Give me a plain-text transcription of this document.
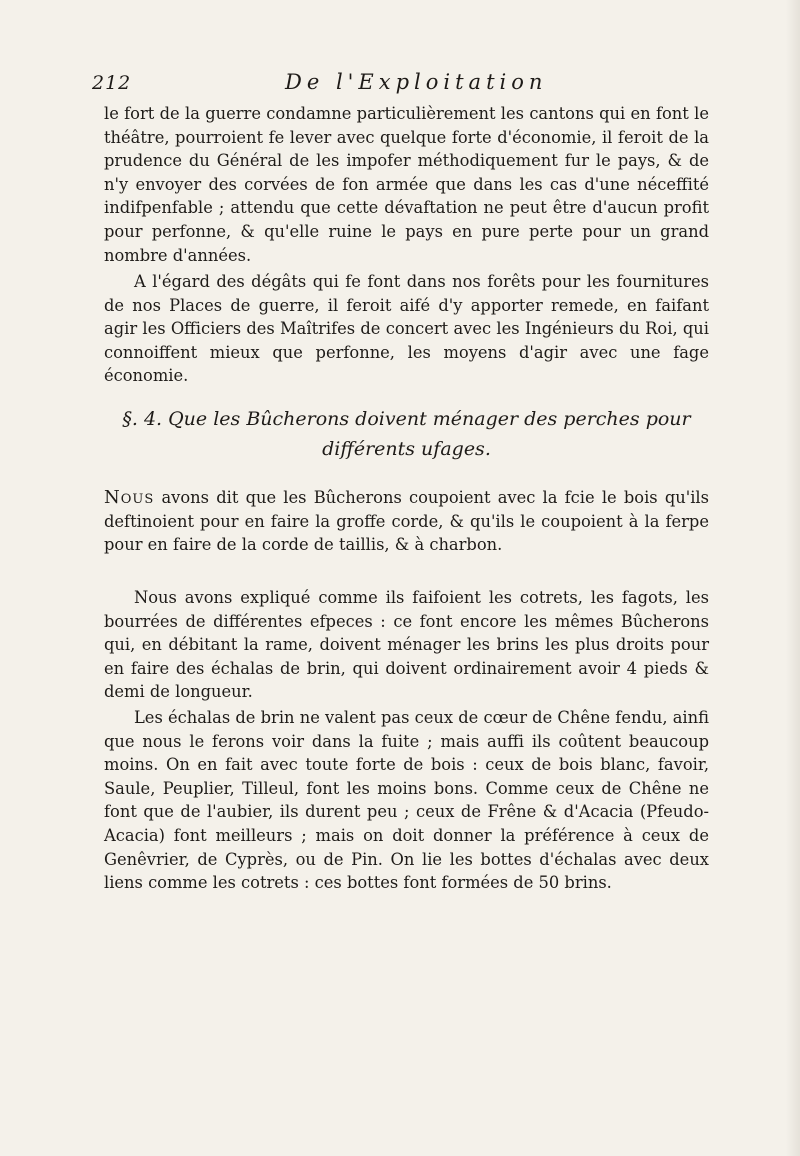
212	De l'Exploitation

le fort de la guerre condamne particulièrement les cantons qui en font le théâtre, pourroient fe lever avec quelque forte d'économie, il feroit de la prudence du Général de les impofer méthodiquement fur le pays, & de n'y envoyer des corvées de fon armée que dans les cas d'une néceffité indifpenfable ; attendu que cette dévaftation ne peut être d'aucun profit pour perfonne, & qu'elle ruine le pays en pure perte pour un grand nombre d'années.

A l'égard des dégâts qui fe font dans nos forêts pour les fournitures de nos Places de guerre, il feroit aifé d'y apporter remede, en faifant agir les Officiers des Maîtrifes de concert avec les Ingénieurs du Roi, qui connoiffent mieux que perfonne, les moyens d'agir avec une fage économie.

§. 4. Que les Bûcherons doivent ménager des perches pour différents ufages.

Nous avons dit que les Bûcherons coupoient avec la fcie le bois qu'ils deftinoient pour en faire la groffe corde, & qu'ils le coupoient à la ferpe pour en faire de la corde de taillis, & à charbon.

Nous avons expliqué comme ils faifoient les cotrets, les fagots, les bourrées de différentes efpeces : ce font encore les mêmes Bûcherons qui, en débitant la rame, doivent ménager les brins les plus droits pour en faire des échalas de brin, qui doivent ordinairement avoir 4 pieds & demi de longueur.

Les échalas de brin ne valent pas ceux de cœur de Chêne fendu, ainfi que nous le ferons voir dans la fuite ; mais auffi ils coûtent beaucoup moins. On en fait avec toute forte de bois : ceux de bois blanc, favoir, Saule, Peuplier, Tilleul, font les moins bons. Comme ceux de Chêne ne font que de l'aubier, ils durent peu ; ceux de Frêne & d'Acacia (Pfeudo-Acacia) font meilleurs ; mais on doit donner la préférence à ceux de Genêvrier, de Cyprès, ou de Pin. On lie les bottes d'échalas avec deux liens comme les cotrets : ces bottes font formées de 50 brins.
